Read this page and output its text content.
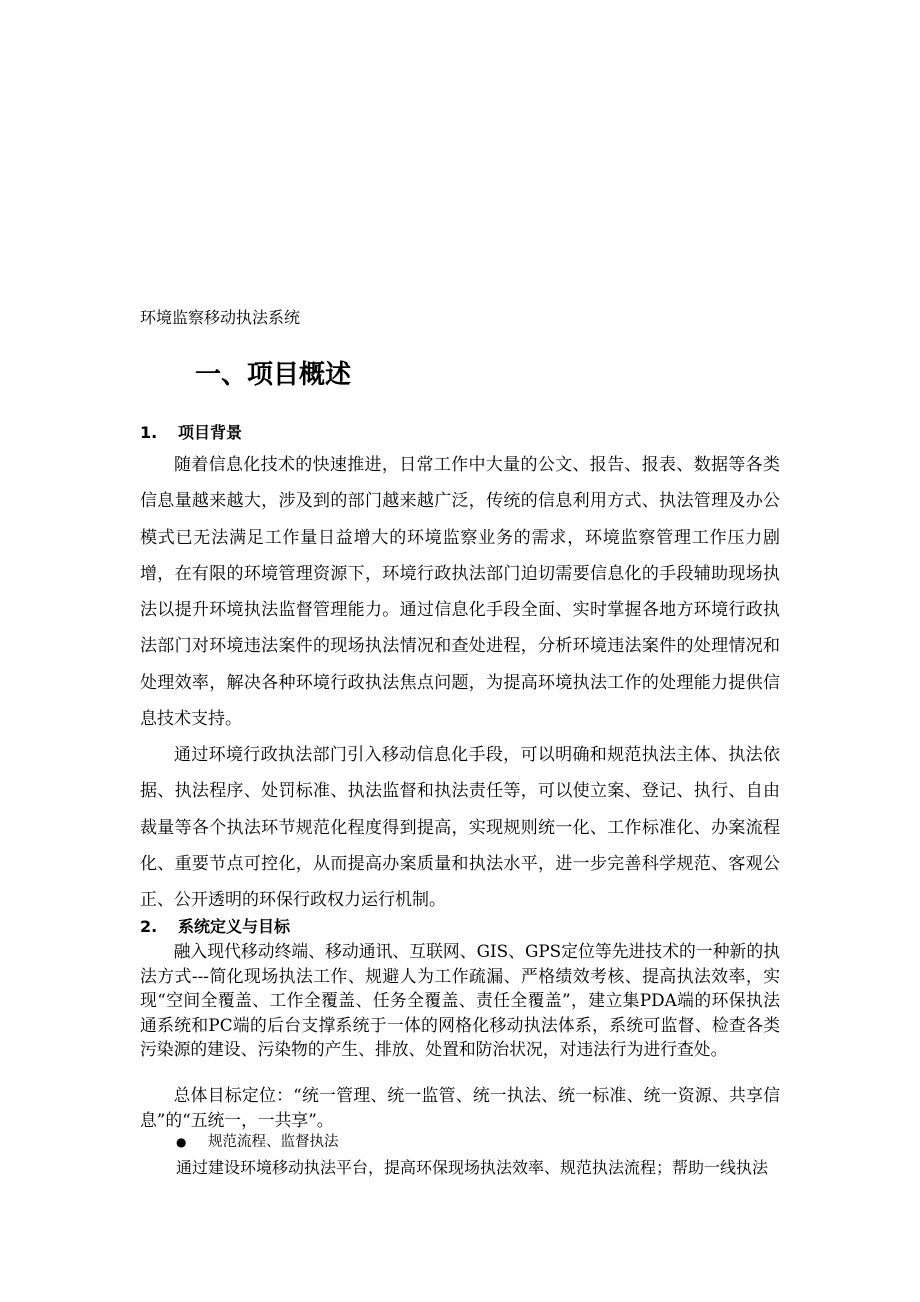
环境监察移动执法系统
一、项目概述
1. 项目背景

随着信息化技术的快速推进，日常工作中大量的公文、报告、报表、数据等各类信息量越来越大，涉及到的部门越来越广泛，传统的信息利用方式、执法管理及办公模式已无法满足工作量日益增大的环境监察业务的需求，环境监察管理工作压力剧增，在有限的环境管理资源下，环境行政执法部门迫切需要信息化的手段辅助现场执法以提升环境执法监督管理能力。通过信息化手段全面、实时掌握各地方环境行政执法部门对环境违法案件的现场执法情况和查处进程，分析环境违法案件的处理情况和处理效率，解决各种环境行政执法焦点问题，为提高环境执法工作的处理能力提供信息技术支持。

通过环境行政执法部门引入移动信息化手段，可以明确和规范执法主体、执法依据、执法程序、处罚标准、执法监督和执法责任等，可以使立案、登记、执行、自由裁量等各个执法环节规范化程度得到提高，实现规则统一化、工作标准化、办案流程化、重要节点可控化，从而提高办案质量和执法水平，进一步完善科学规范、客观公正、公开透明的环保行政权力运行机制。

2. 系统定义与目标

融入现代移动终端、移动通讯、互联网、GIS、GPS定位等先进技术的一种新的执法方式---简化现场执法工作、规避人为工作疏漏、严格绩效考核、提高执法效率，实现“空间全覆盖、工作全覆盖、任务全覆盖、责任全覆盖”，建立集PDA端的环保执法通系统和PC端的后台支撑系统于一体的网格化移动执法体系，系统可监督、检查各类污染源的建设、污染物的产生、排放、处置和防治状况，对违法行为进行查处。

总体目标定位：“统一管理、统一监管、统一执法、统一标准、统一资源、共享信息”的“五统一，一共享”。

● 规范流程、监督执法
通过建设环境移动执法平台，提高环保现场执法效率、规范执法流程；帮助一线执法
